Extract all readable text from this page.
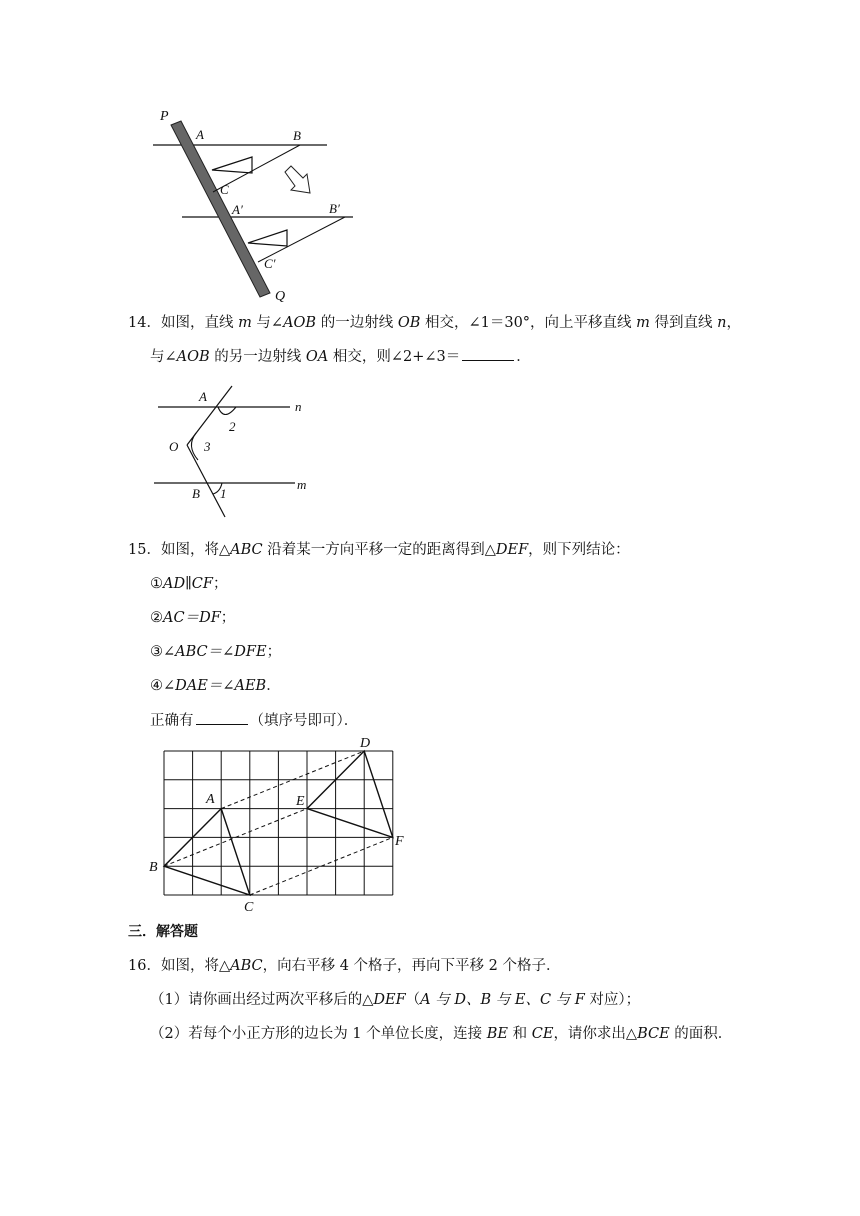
P
A	B
C
A′	B′
C′
Q
14．如图，直线 m 与∠AOB 的一边射线 OB 相交，∠1＝30°，向上平移直线 m 得到直线 n，
与∠AOB 的另一边射线 OA 相交，则∠2+∠3＝	．
A
n
2
O 3
B 1
m
15．如图，将△ABC 沿着某一方向平移一定的距离得到△DEF，则下列结论：
①AD∥CF；
②AC＝DF；
③∠ABC＝∠DFE；
④∠DAE＝∠AEB．
正确有	（填序号即可）．
A
B
C
D
E
F
三．解答题
16．如图，将△ABC，向右平移 4 个格子，再向下平移 2 个格子．
（1）请你画出经过两次平移后的△DEF（A 与 D、B 与 E、C 与 F 对应）；
（2）若每个小正方形的边长为 1 个单位长度，连接 BE 和 CE，请你求出△BCE 的面积．
